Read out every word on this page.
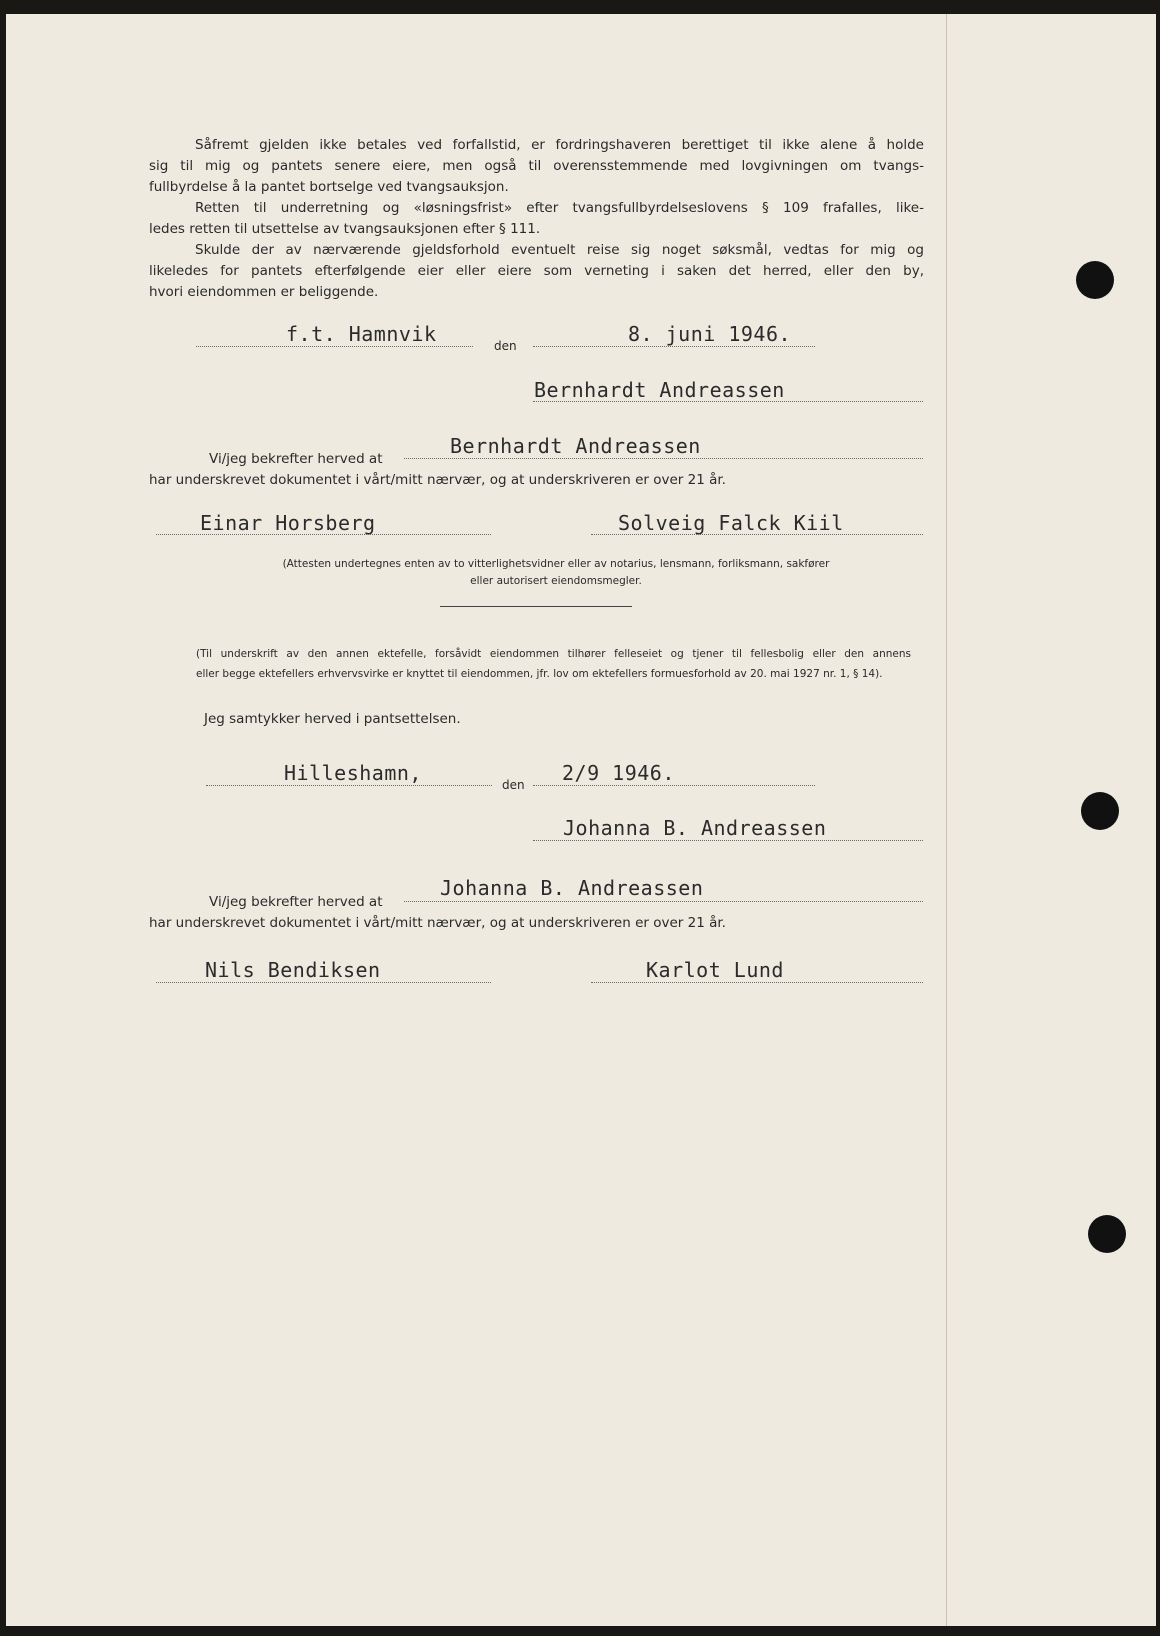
Såfremt gjelden ikke betales ved forfallstid, er fordringshaveren berettiget til ikke alene å holde

sig til mig og pantets senere eiere, men også til overensstemmende med lovgivningen om tvangs-

fullbyrdelse å la pantet bortselge ved tvangsauksjon.

Retten til underretning og «løsningsfrist» efter tvangsfullbyrdelseslovens § 109 frafalles, like-

ledes retten til utsettelse av tvangsauksjonen efter § 111.

Skulde der av nærværende gjeldsforhold eventuelt reise sig noget søksmål, vedtas for mig og

likeledes for pantets efterfølgende eier eller eiere som verneting i saken det herred, eller den by,

hvori eiendommen er beliggende.

f.t. Hamnvik	den	8. juni 1946.
Bernhardt Andreassen
Vi/jeg bekrefter herved at
Bernhardt Andreassen
har underskrevet dokumentet i vårt/mitt nærvær, og at underskriveren er over 21 år.
Einar Horsberg	Solveig Falck Kiil
(Attesten undertegnes enten av to vitterlighetsvidner eller av notarius, lensmann, forliksmann, sakfører
eller autorisert eiendomsmegler.

(Til underskrift av den annen ektefelle, forsåvidt eiendommen tilhører felleseiet og tjener til fellesbolig eller den annens

eller begge ektefellers erhvervsvirke er knyttet til eiendommen, jfr. lov om ektefellers formuesforhold av 20. mai 1927 nr. 1, § 14).

Jeg samtykker herved i pantsettelsen.
Hilleshamn,	den 2/9 1946.
Johanna B. Andreassen
Vi/jeg bekrefter herved at
Johanna B. Andreassen
har underskrevet dokumentet i vårt/mitt nærvær, og at underskriveren er over 21 år.
Nils Bendiksen	Karlot Lund
